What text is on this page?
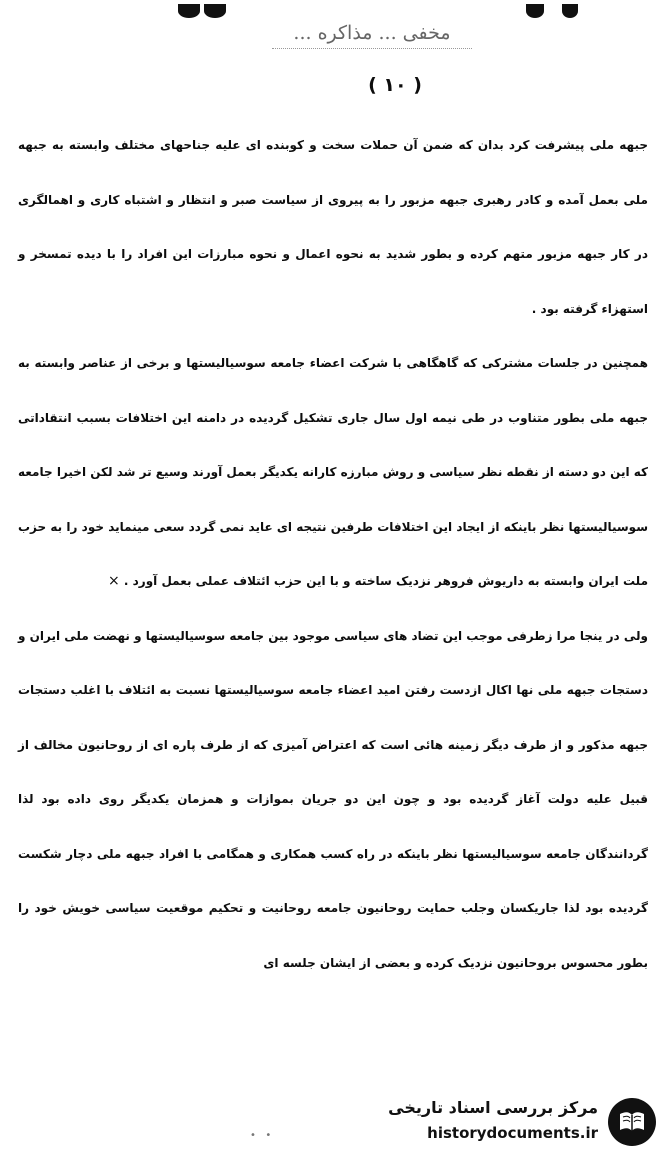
مخفی ... مذاکره ...
( ۱۰ )

جبهه ملی پیشرفت کرد بدان که ضمن آن حملات سخت و کوبنده ای علیه جناحهای مختلف وابسته به جبهه ملی بعمل آمده و کادر رهبری جبهه مزبور را به پیروی از سیاست صبر و انتظار و اشتباه کاری و اهمالگری در کار جبهه مزبور متهم کرده و بطور شدید به نحوه اعمال و نحوه مبارزات این افراد را با دیده تمسخر و استهزاء گرفته بود .

همچنین در جلسات مشترکی که گاهگاهی با شرکت اعضاء جامعه سوسیالیستها و برخی از عناصر وابسته به جبهه ملی بطور متناوب در طی نیمه اول سال جاری تشکیل گردیده در دامنه این اختلافات بسبب انتقاداتی که این دو دسته از نقطه نظر سیاسی و روش مبارزه کارانه یکدیگر بعمل آورند وسیع تر شد لکن اخیرا جامعه سوسیالیستها نظر باینکه از ایجاد این اختلافات طرفین نتیجه ای عاید نمی گردد سعی مینماید خود را به حزب ملت ایران وابسته به داریوش فروهر نزدیک ساخته و با این حزب ائتلاف عملی بعمل آورد . ×

ولی در ینجا مرا زطرفی موجب این تضاد های سیاسی موجود بین جامعه سوسیالیستها و نهضت ملی ایران و دستجات جبهه ملی نها اکال ازدست رفتن امید اعضاء جامعه سوسیالیستها نسبت به ائتلاف با اغلب دستجات جبهه مذکور و از طرف دیگر زمینه هائی است که اعتراض آمیزی که از طرف پاره ای از روحانیون مخالف از قبیل علیه دولت آغاز گردیده بود و چون این دو جریان بموازات و همزمان یکدیگر روی داده بود لذا گردانندگان جامعه سوسیالیستها نظر باینکه در راه کسب همکاری و همگامی با افراد جبهه ملی دچار شکست گردیده بود لذا جاریکسان وجلب حمایت روحانیون جامعه روحانیت و تحکیم موقعیت سیاسی خویش خود را بطور محسوس بروحانیون نزدیک کرده و بعضی از ایشان جلسه ای

مرکز بررسی اسناد تاریخی
historydocuments.ir
•   •
